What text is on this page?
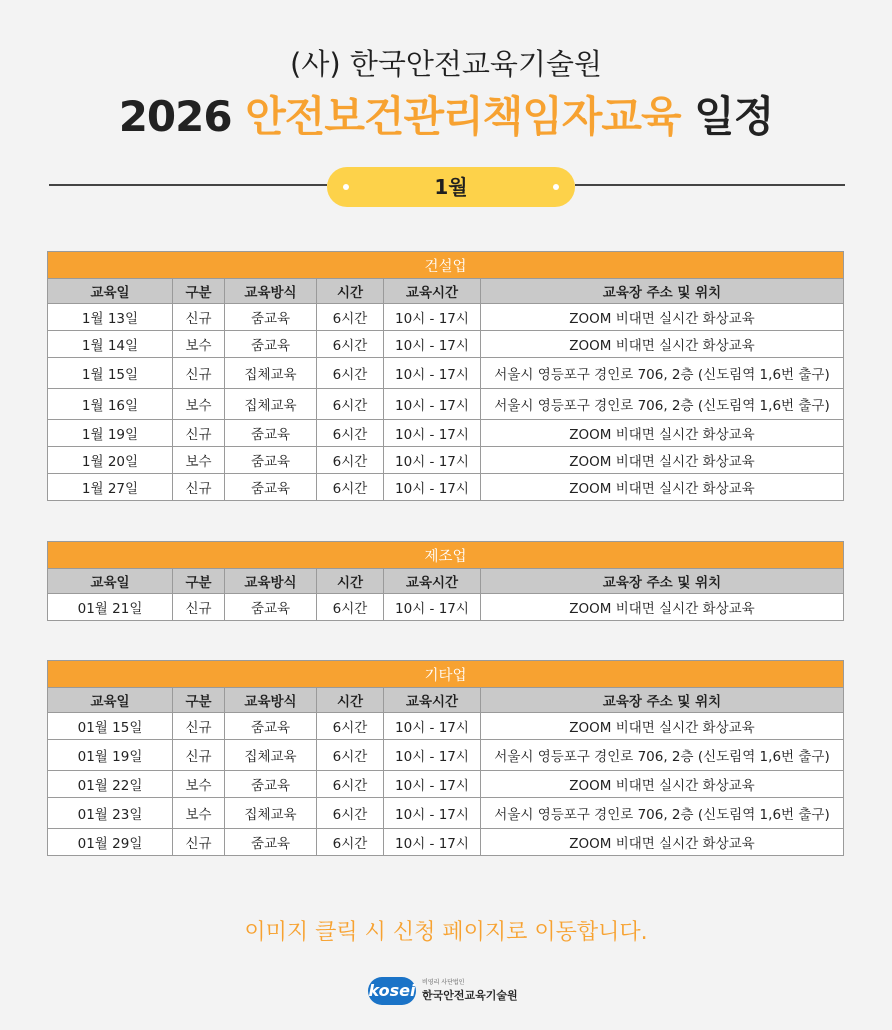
(사) 한국안전교육기술원
2026 안전보건관리책임자교육 일정
1월
건설업					
교육일	구분	교육방식	시간	교육시간	교육장 주소 및 위치
1월 13일	신규	줌교육	6시간	10시 - 17시	ZOOM 비대면 실시간 화상교육
1월 14일	보수	줌교육	6시간	10시 - 17시	ZOOM 비대면 실시간 화상교육
1월 15일	신규	집체교육	6시간	10시 - 17시	서울시 영등포구 경인로 706, 2층 (신도림역 1,6번 출구)
1월 16일	보수	집체교육	6시간	10시 - 17시	서울시 영등포구 경인로 706, 2층 (신도림역 1,6번 출구)
1월 19일	신규	줌교육	6시간	10시 - 17시	ZOOM 비대면 실시간 화상교육
1월 20일	보수	줌교육	6시간	10시 - 17시	ZOOM 비대면 실시간 화상교육
1월 27일	신규	줌교육	6시간	10시 - 17시	ZOOM 비대면 실시간 화상교육
제조업					
교육일	구분	교육방식	시간	교육시간	교육장 주소 및 위치
01월 21일	신규	줌교육	6시간	10시 - 17시	ZOOM 비대면 실시간 화상교육
기타업					
교육일	구분	교육방식	시간	교육시간	교육장 주소 및 위치
01월 15일	신규	줌교육	6시간	10시 - 17시	ZOOM 비대면 실시간 화상교육
01월 19일	신규	집체교육	6시간	10시 - 17시	서울시 영등포구 경인로 706, 2층 (신도림역 1,6번 출구)
01월 22일	보수	줌교육	6시간	10시 - 17시	ZOOM 비대면 실시간 화상교육
01월 23일	보수	집체교육	6시간	10시 - 17시	서울시 영등포구 경인로 706, 2층 (신도림역 1,6번 출구)
01월 29일	신규	줌교육	6시간	10시 - 17시	ZOOM 비대면 실시간 화상교육
이미지 클릭 시 신청 페이지로 이동합니다.
kosei 비영리 사단법인
한국안전교육기술원
